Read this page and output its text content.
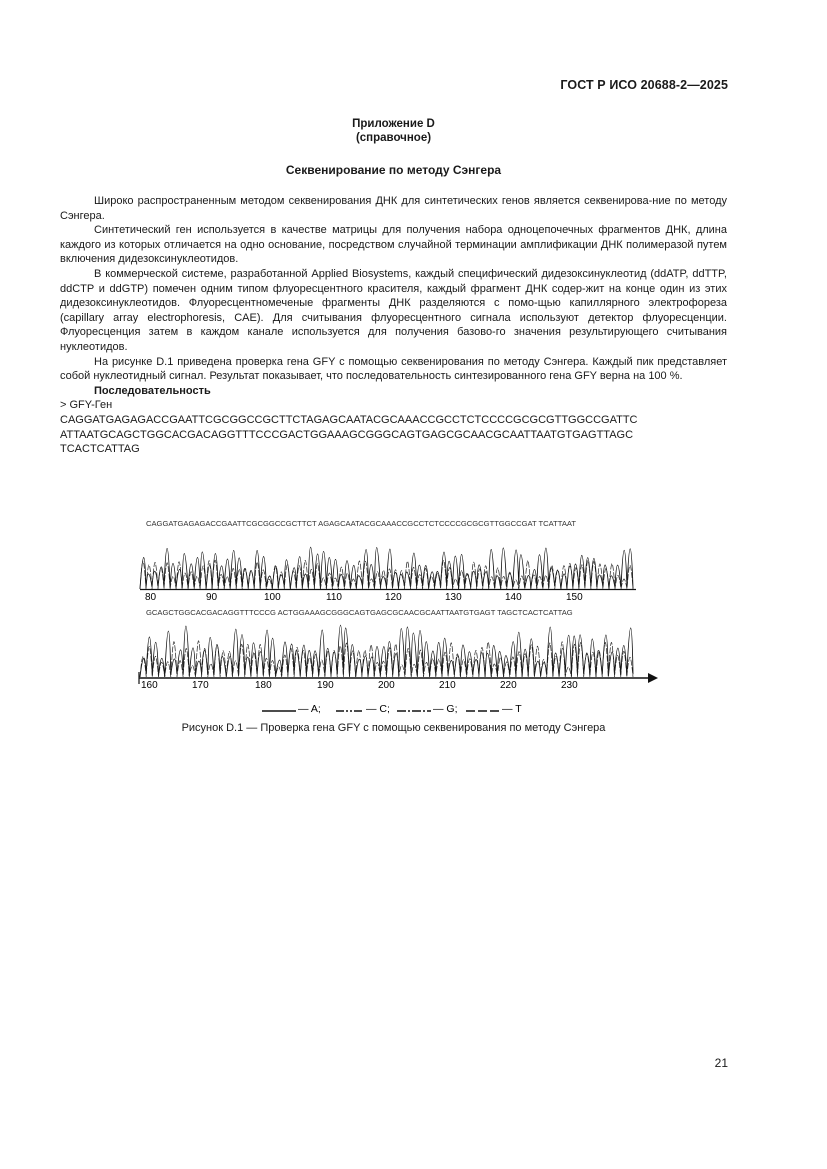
ГОСТ Р ИСО 20688-2—2025
Приложение D
(справочное)
Секвенирование по методу Сэнгера

Широко распространенным методом секвенирования ДНК для синтетических генов является секвенирова-ние по методу Сэнгера.

Синтетический ген используется в качестве матрицы для получения набора одноцепочечных фрагментов ДНК, длина каждого из которых отличается на одно основание, посредством случайной терминации амплификации ДНК полимеразой путем включения дидезоксинуклеотидов.

В коммерческой системе, разработанной Applied Biosystems, каждый специфический дидезоксинуклеотид (ddATP, ddTTP, ddCTP и ddGTP) помечен одним типом флуоресцентного красителя, каждый фрагмент ДНК содер-жит на конце один из этих дидезоксинуклеотидов. Флуоресцентномеченые фрагменты ДНК разделяются с помо-щью капиллярного электрофореза (capillary array electrophoresis, CAE). Для считывания флуоресцентного сигнала используют детектор флуоресценции. Флуоресценция затем в каждом канале используется для получения базово-го значения результирующего считывания нуклеотидов.

На рисунке D.1 приведена проверка гена GFY с помощью секвенирования по методу Сэнгера. Каждый пик представляет собой нуклеотидный сигнал. Результат показывает, что последовательность синтезированного гена GFY верна на 100 %.

Последовательность

> GFY-Ген

CAGGATGAGAGACCGAATTCGCGGCCGCTTCTAGAGCAATACGCAAACCGCCTCTCCCCGCGCGTTGGCCGATTC
ATTAATGCAGCTGGCACGACAGGTTTCCCGACTGGAAAGCGGGCAGTGAGCGCAACGCAATTAATGTGAGTTAGC
TCACTCATTAG
CAGGATGAGAGACCGAATTCGCGGCCGCTTCT AGAGCAATACGCAAACCGCCTCTCCCCGCGCGTTGGCCGAT TCATTAAT
80	90	100	110	120	130	140	150
GCAGCTGGCACGACAGGTTTCCCG ACTGGAAAGCGGGCAGTGAGCGCAACGCAATTAATGTGAGT TAGCTCACTCATTAG
160	170	180	190	200	210	220	230
— A;	— C;	— G;	— T
Рисунок D.1 — Проверка гена GFY с помощью секвенирования по методу Сэнгера
21
